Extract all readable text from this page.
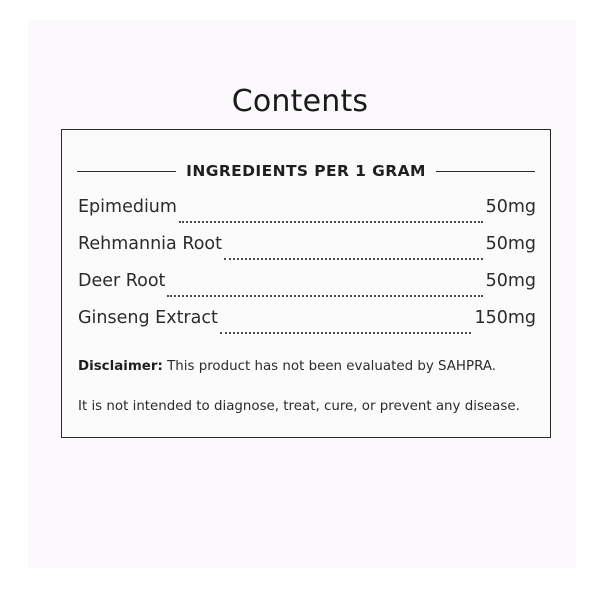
Contents
INGREDIENTS PER 1 GRAM
Epimedium	50mg
Rehmannia Root	50mg
Deer Root	50mg
Ginseng Extract	150mg
Disclaimer: This product has not been evaluated by SAHPRA.
It is not intended to diagnose, treat, cure, or prevent any disease.
